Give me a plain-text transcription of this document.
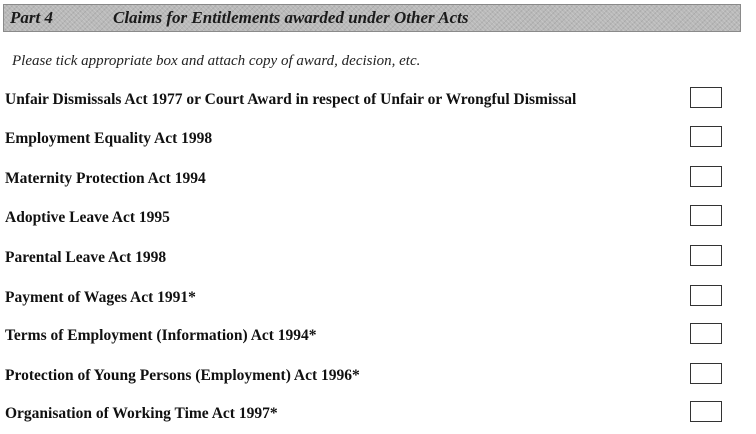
Part 4	Claims for Entitlements awarded under Other Acts
Please tick appropriate box and attach copy of award, decision, etc.
Unfair Dismissals Act 1977 or Court Award in respect of Unfair or Wrongful Dismissal
Employment Equality Act 1998
Maternity Protection Act 1994
Adoptive Leave Act 1995
Parental Leave Act 1998
Payment of Wages Act 1991*
Terms of Employment (Information) Act 1994*
Protection of Young Persons (Employment) Act 1996*
Organisation of Working Time Act 1997*
